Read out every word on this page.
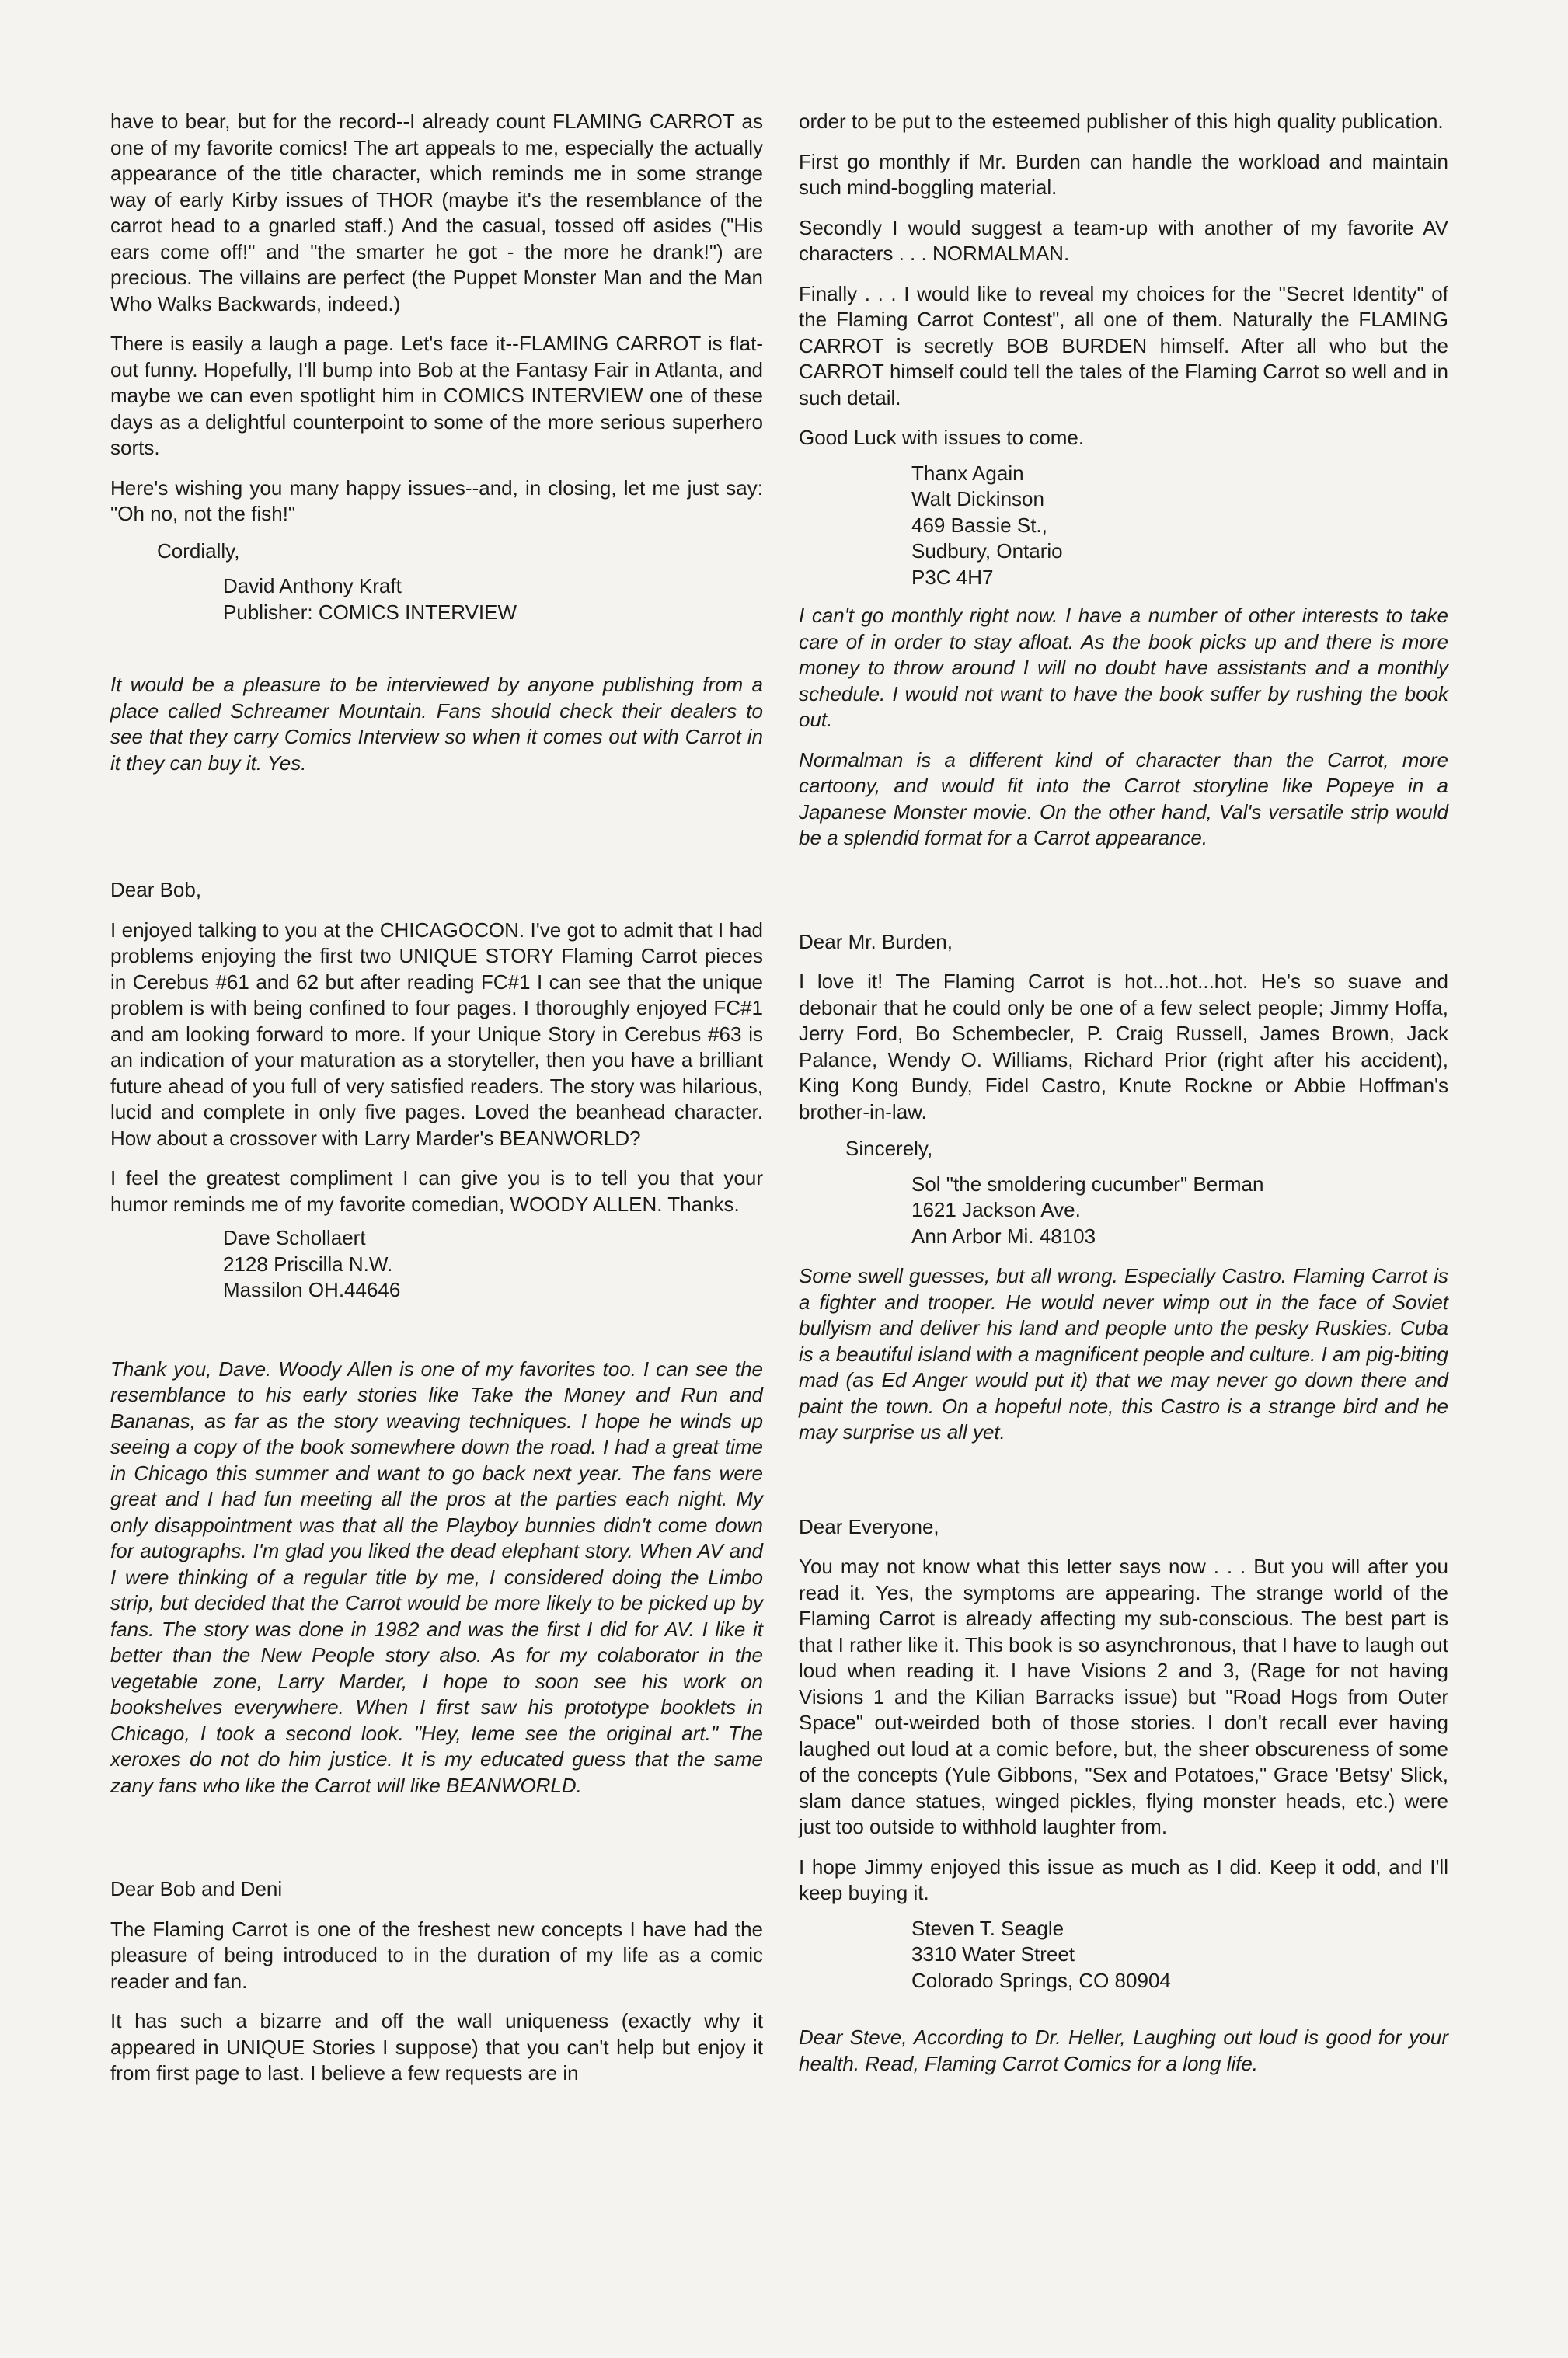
have to bear, but for the record--I already count FLAMING CARROT as one of my favorite comics! The art appeals to me, especially the actually appearance of the title character, which reminds me in some strange way of early Kirby issues of THOR (maybe it's the resemblance of the carrot head to a gnarled staff.) And the casual, tossed off asides ("His ears come off!" and "the smarter he got - the more he drank!") are precious. The villains are perfect (the Puppet Monster Man and the Man Who Walks Backwards, indeed.)

There is easily a laugh a page. Let's face it--FLAMING CARROT is flat-out funny. Hopefully, I'll bump into Bob at the Fantasy Fair in Atlanta, and maybe we can even spotlight him in COMICS INTERVIEW one of these days as a delightful counterpoint to some of the more serious superhero sorts.

Here's wishing you many happy issues--and, in closing, let me just say: "Oh no, not the fish!"

Cordially,

David Anthony Kraft

Publisher: COMICS INTERVIEW

It would be a pleasure to be interviewed by anyone publishing from a place called Schreamer Mountain. Fans should check their dealers to see that they carry Comics Interview so when it comes out with Carrot in it they can buy it. Yes.

Dear Bob,

I enjoyed talking to you at the CHICAGOCON. I've got to admit that I had problems enjoying the first two UNIQUE STORY Flaming Carrot pieces in Cerebus #61 and 62 but after reading FC#1 I can see that the unique problem is with being confined to four pages. I thoroughly enjoyed FC#1 and am looking forward to more. If your Unique Story in Cerebus #63 is an indication of your maturation as a storyteller, then you have a brilliant future ahead of you full of very satisfied readers. The story was hilarious, lucid and complete in only five pages. Loved the beanhead character. How about a crossover with Larry Marder's BEANWORLD?

I feel the greatest compliment I can give you is to tell you that your humor reminds me of my favorite comedian, WOODY ALLEN. Thanks.

Dave Schollaert

2128 Priscilla N.W.

Massilon OH.44646

Thank you, Dave. Woody Allen is one of my favorites too. I can see the resemblance to his early stories like Take the Money and Run and Bananas, as far as the story weaving techniques. I hope he winds up seeing a copy of the book somewhere down the road. I had a great time in Chicago this summer and want to go back next year. The fans were great and I had fun meeting all the pros at the parties each night. My only disappointment was that all the Playboy bunnies didn't come down for autographs. I'm glad you liked the dead elephant story. When AV and I were thinking of a regular title by me, I considered doing the Limbo strip, but decided that the Carrot would be more likely to be picked up by fans. The story was done in 1982 and was the first I did for AV. I like it better than the New People story also. As for my colaborator in the vegetable zone, Larry Marder, I hope to soon see his work on bookshelves everywhere. When I first saw his prototype booklets in Chicago, I took a second look. "Hey, leme see the original art." The xeroxes do not do him justice. It is my educated guess that the same zany fans who like the Carrot will like BEANWORLD.

Dear Bob and Deni

The Flaming Carrot is one of the freshest new concepts I have had the pleasure of being introduced to in the duration of my life as a comic reader and fan.

It has such a bizarre and off the wall uniqueness (exactly why it appeared in UNIQUE Stories I suppose) that you can't help but enjoy it from first page to last. I believe a few requests are in

order to be put to the esteemed publisher of this high quality publication.

First go monthly if Mr. Burden can handle the workload and maintain such mind-boggling material.

Secondly I would suggest a team-up with another of my favorite AV characters . . . NORMALMAN.

Finally . . . I would like to reveal my choices for the "Secret Identity" of the Flaming Carrot Contest", all one of them. Naturally the FLAMING CARROT is secretly BOB BURDEN himself. After all who but the CARROT himself could tell the tales of the Flaming Carrot so well and in such detail.

Good Luck with issues to come.

Thanx Again

Walt Dickinson

469 Bassie St.,

Sudbury, Ontario

P3C 4H7

I can't go monthly right now. I have a number of other interests to take care of in order to stay afloat. As the book picks up and there is more money to throw around I will no doubt have assistants and a monthly schedule. I would not want to have the book suffer by rushing the book out.

Normalman is a different kind of character than the Carrot, more cartoony, and would fit into the Carrot storyline like Popeye in a Japanese Monster movie. On the other hand, Val's versatile strip would be a splendid format for a Carrot appearance.

Dear Mr. Burden,

I love it! The Flaming Carrot is hot...hot...hot. He's so suave and debonair that he could only be one of a few select people; Jimmy Hoffa, Jerry Ford, Bo Schembecler, P. Craig Russell, James Brown, Jack Palance, Wendy O. Williams, Richard Prior (right after his accident), King Kong Bundy, Fidel Castro, Knute Rockne or Abbie Hoffman's brother-in-law.

Sincerely,

Sol "the smoldering cucumber" Berman

1621 Jackson Ave.

Ann Arbor Mi. 48103

Some swell guesses, but all wrong. Especially Castro. Flaming Carrot is a fighter and trooper. He would never wimp out in the face of Soviet bullyism and deliver his land and people unto the pesky Ruskies. Cuba is a beautiful island with a magnificent people and culture. I am pig-biting mad (as Ed Anger would put it) that we may never go down there and paint the town. On a hopeful note, this Castro is a strange bird and he may surprise us all yet.

Dear Everyone,

You may not know what this letter says now . . . But you will after you read it. Yes, the symptoms are appearing. The strange world of the Flaming Carrot is already affecting my sub-conscious. The best part is that I rather like it. This book is so asynchronous, that I have to laugh out loud when reading it. I have Visions 2 and 3, (Rage for not having Visions 1 and the Kilian Barracks issue) but "Road Hogs from Outer Space" out-weirded both of those stories. I don't recall ever having laughed out loud at a comic before, but, the sheer obscureness of some of the concepts (Yule Gibbons, "Sex and Potatoes," Grace 'Betsy' Slick, slam dance statues, winged pickles, flying monster heads, etc.) were just too outside to withhold laughter from.

I hope Jimmy enjoyed this issue as much as I did. Keep it odd, and I'll keep buying it.

Steven T. Seagle

3310 Water Street

Colorado Springs, CO 80904

Dear Steve, According to Dr. Heller, Laughing out loud is good for your health. Read, Flaming Carrot Comics for a long life.
